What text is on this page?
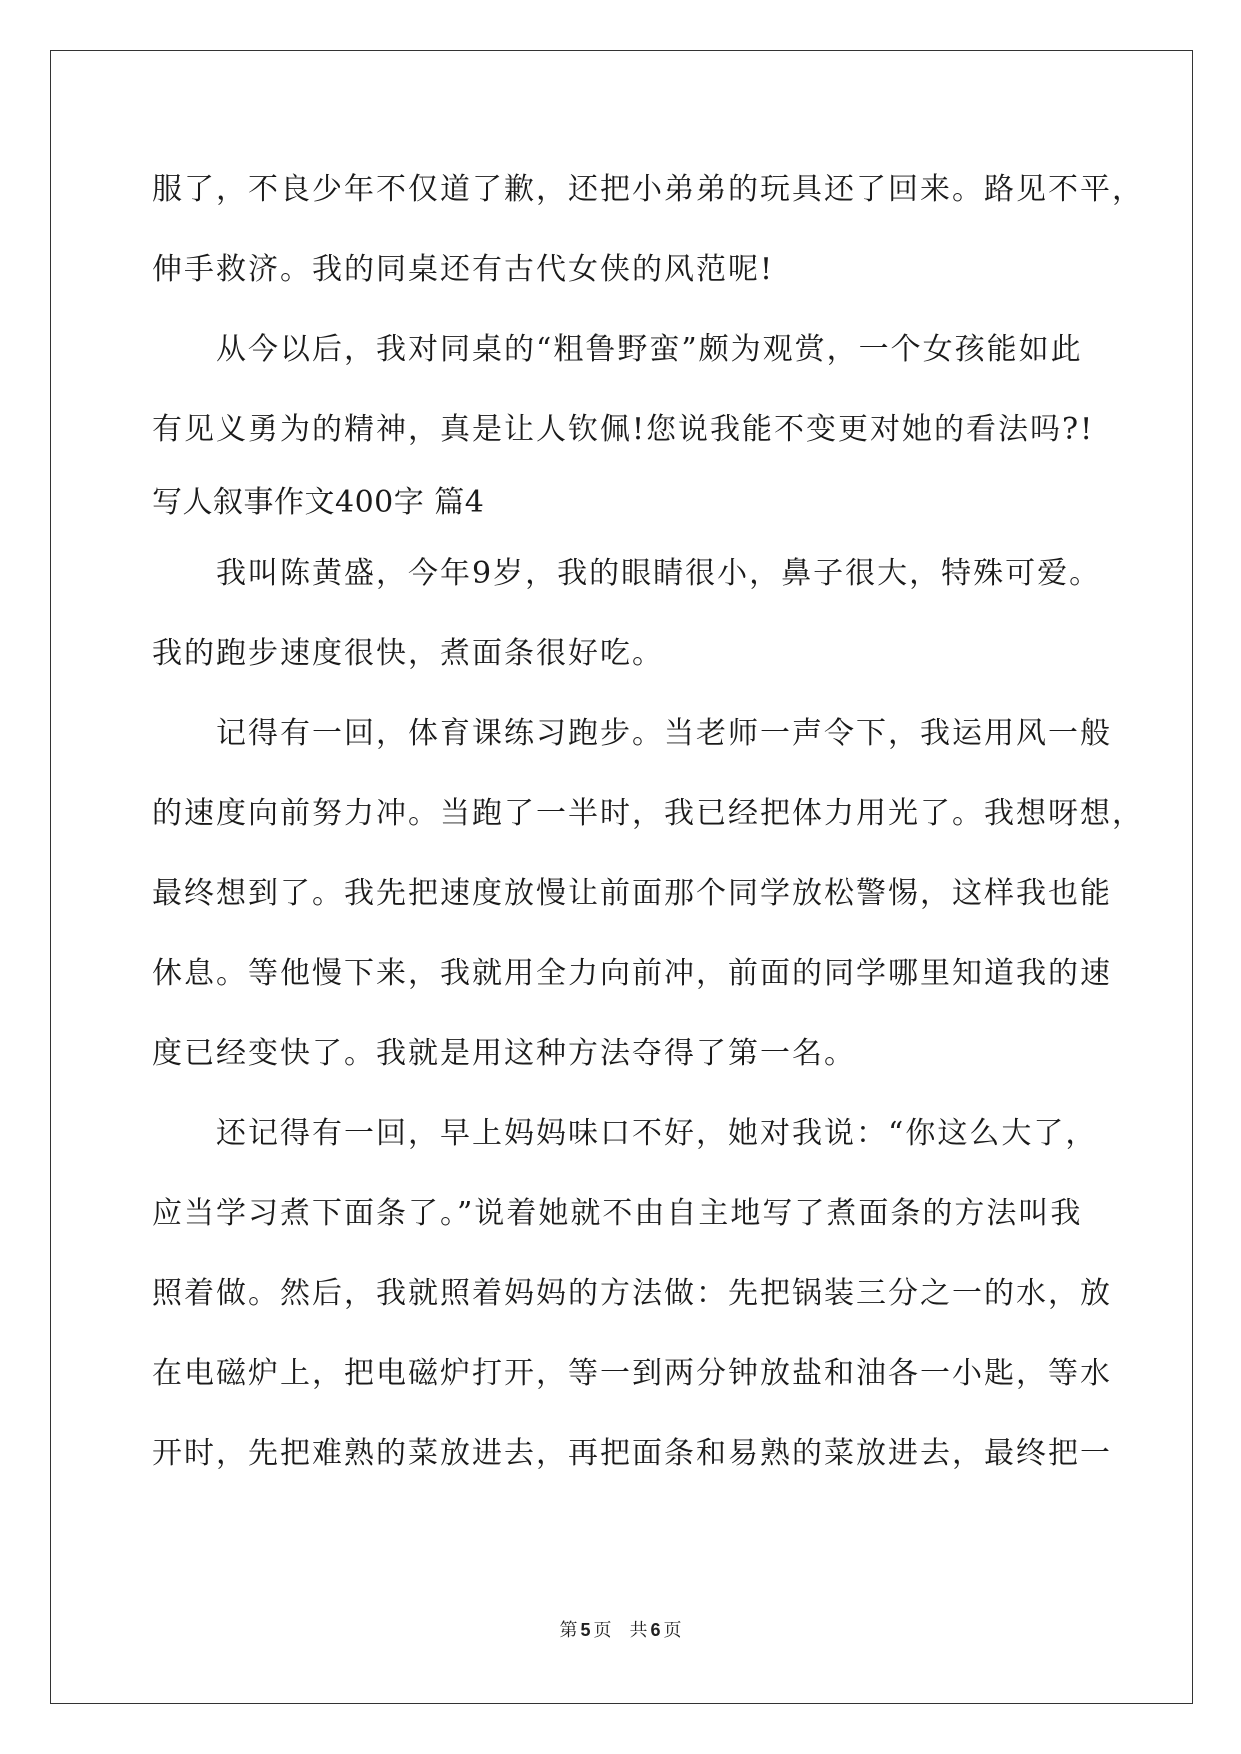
服了，不良少年不仅道了歉，还把小弟弟的玩具还了回来。路见不平，
伸手救济。我的同桌还有古代女侠的风范呢!
从今以后，我对同桌的“粗鲁野蛮”颇为观赏，一个女孩能如此
有见义勇为的精神，真是让人钦佩!您说我能不变更对她的看法吗?!
写人叙事作文400字 篇4
我叫陈黄盛，今年9岁，我的眼睛很小，鼻子很大，特殊可爱。
我的跑步速度很快，煮面条很好吃。
记得有一回，体育课练习跑步。当老师一声令下，我运用风一般
的速度向前努力冲。当跑了一半时，我已经把体力用光了。我想呀想，
最终想到了。我先把速度放慢让前面那个同学放松警惕，这样我也能
休息。等他慢下来，我就用全力向前冲，前面的同学哪里知道我的速
度已经变快了。我就是用这种方法夺得了第一名。
还记得有一回，早上妈妈味口不好，她对我说：“你这么大了，
应当学习煮下面条了。”说着她就不由自主地写了煮面条的方法叫我
照着做。然后，我就照着妈妈的方法做：先把锅装三分之一的水，放
在电磁炉上，把电磁炉打开，等一到两分钟放盐和油各一小匙，等水
开时，先把难熟的菜放进去，再把面条和易熟的菜放进去，最终把一
第 5 页 共 6 页
